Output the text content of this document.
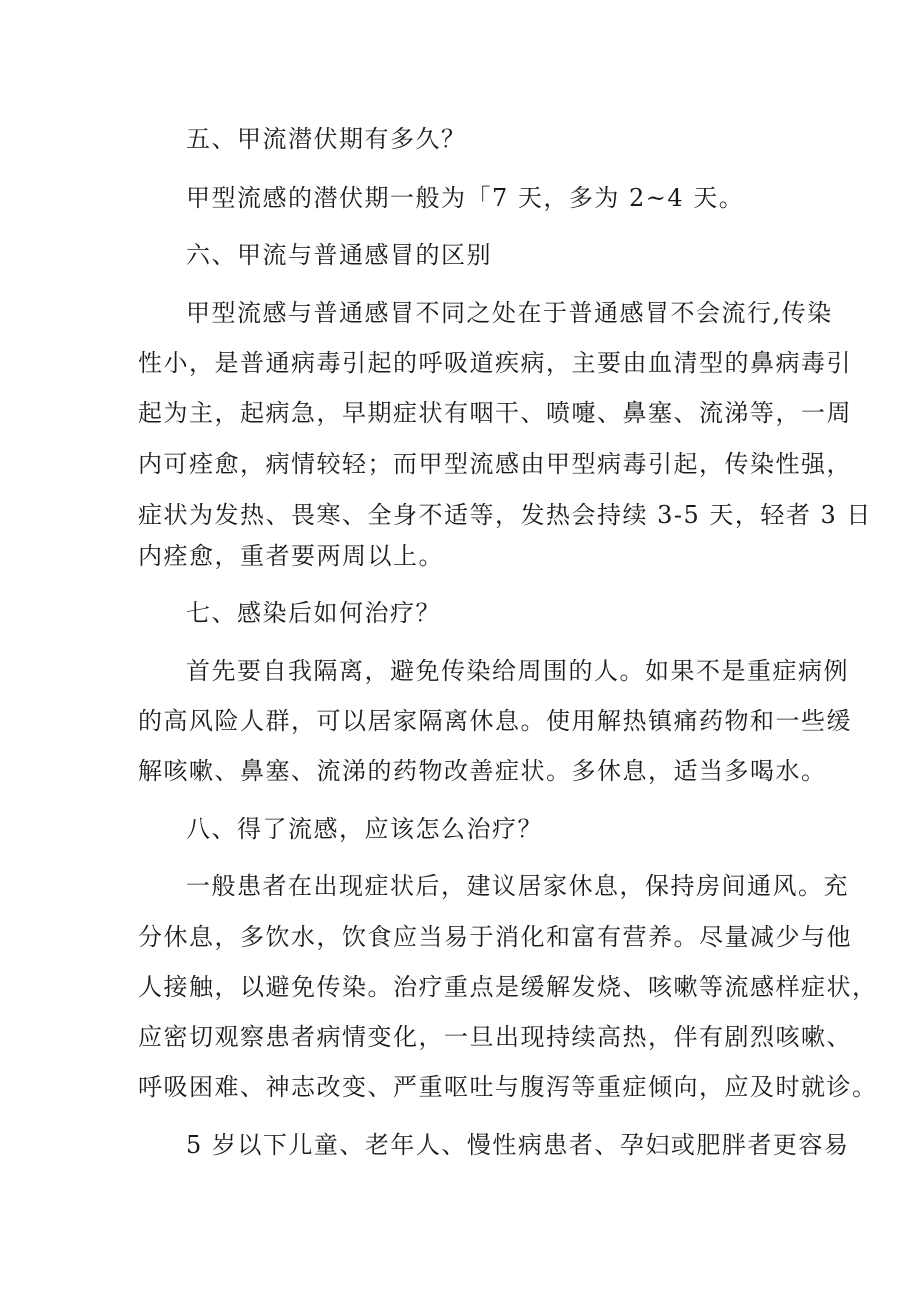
五、甲流潜伏期有多久？
甲型流感的潜伏期一般为「7 天，多为 2~4 天。
六、甲流与普通感冒的区别
甲型流感与普通感冒不同之处在于普通感冒不会流行,传染
性小，是普通病毒引起的呼吸道疾病，主要由血清型的鼻病毒引
起为主，起病急，早期症状有咽干、喷嚏、鼻塞、流涕等，一周
内可痊愈，病情较轻；而甲型流感由甲型病毒引起，传染性强，
症状为发热、畏寒、全身不适等，发热会持续 3-5 天，轻者 3 日
内痊愈，重者要两周以上。
七、感染后如何治疗？
首先要自我隔离，避免传染给周围的人。如果不是重症病例
的高风险人群，可以居家隔离休息。使用解热镇痛药物和一些缓
解咳嗽、鼻塞、流涕的药物改善症状。多休息，适当多喝水。
八、得了流感，应该怎么治疗？
一般患者在出现症状后，建议居家休息，保持房间通风。充
分休息，多饮水，饮食应当易于消化和富有营养。尽量减少与他
人接触，以避免传染。治疗重点是缓解发烧、咳嗽等流感样症状，
应密切观察患者病情变化，一旦出现持续高热，伴有剧烈咳嗽、
呼吸困难、神志改变、严重呕吐与腹泻等重症倾向，应及时就诊。
5 岁以下儿童、老年人、慢性病患者、孕妇或肥胖者更容易
